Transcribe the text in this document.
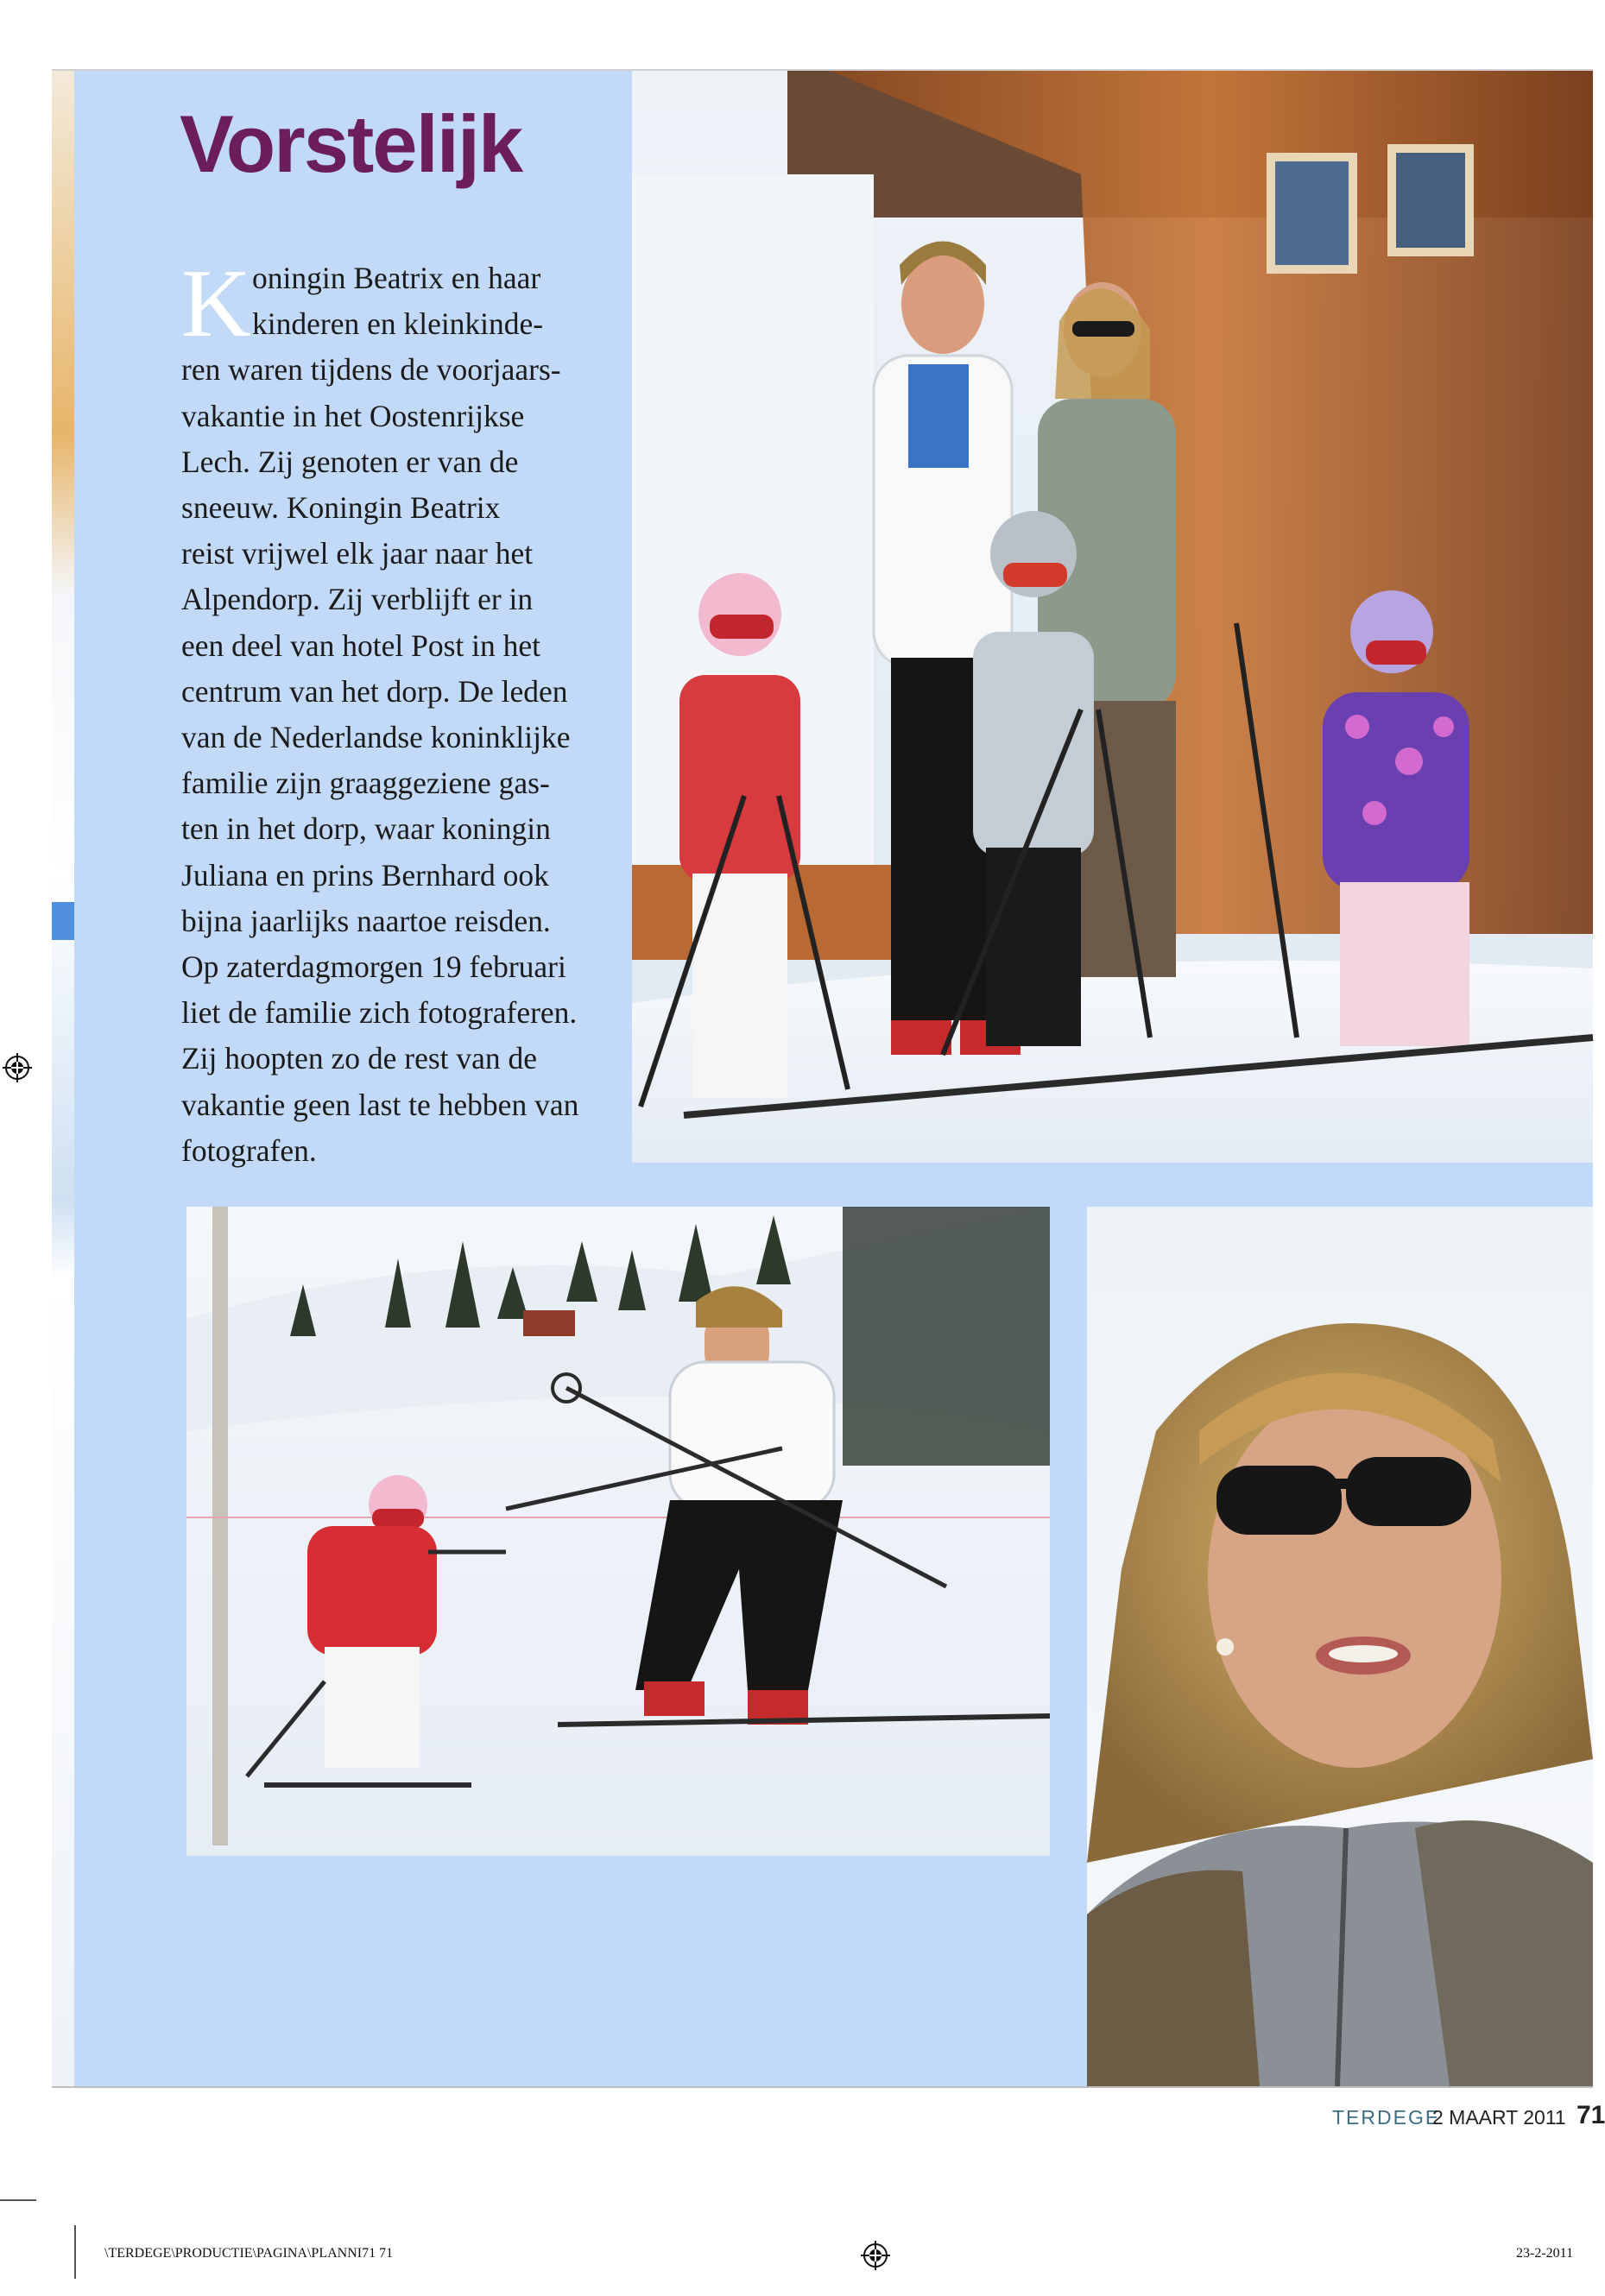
Vorstelijk
K oningin Beatrix en haar
kinderen en kleinkinde-
ren waren tijdens de voorjaars-
vakantie in het Oostenrijkse
Lech. Zij genoten er van de
sneeuw. Koningin Beatrix
reist vrijwel elk jaar naar het
Alpendorp. Zij verblijft er in
een deel van hotel Post in het
centrum van het dorp. De leden
van de Nederlandse koninklijke
familie zijn graaggeziene gas-
ten in het dorp, waar koningin
Juliana en prins Bernhard ook
bijna jaarlijks naartoe reisden.
Op zaterdagmorgen 19 februari
liet de familie zich fotograferen.
Zij hoopten zo de rest van de
vakantie geen last te hebben van
fotografen.

TERDEGE
2 MAART 2011 71
\TERDEGE\PRODUCTIE\PAGINA\PLANNI71 71	23-2-2011
